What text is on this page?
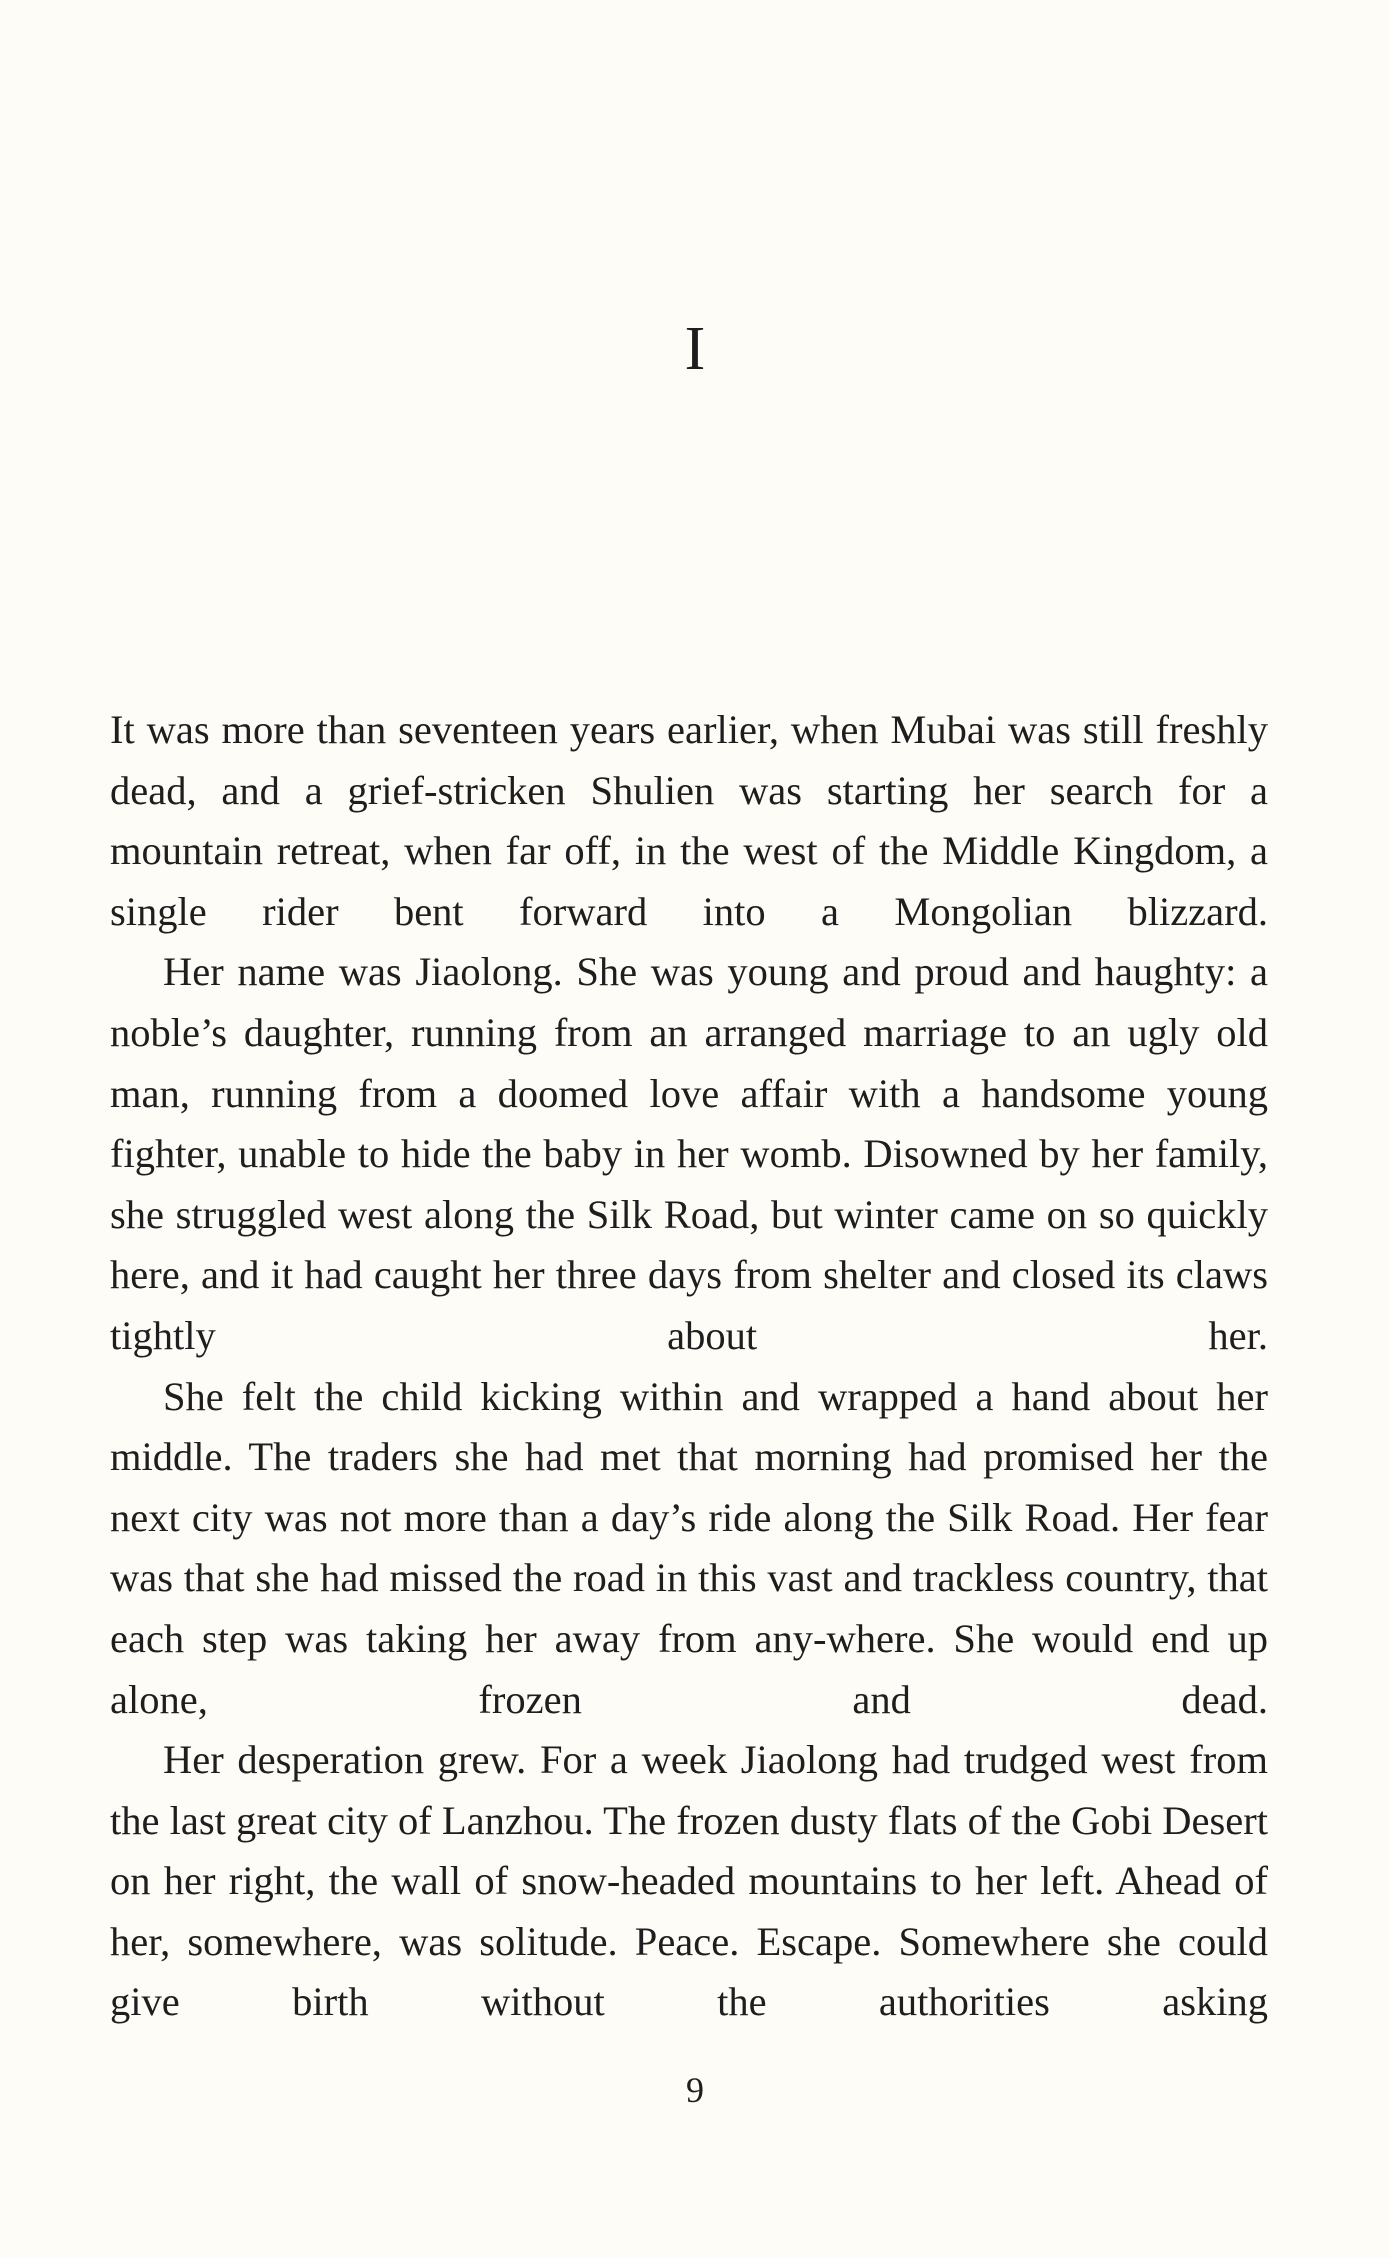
I

It was more than seventeen years earlier, when Mubai was still freshly dead, and a grief-stricken Shulien was starting her search for a mountain retreat, when far off, in the west of the Middle Kingdom, a single rider bent forward into a Mongolian blizzard.

Her name was Jiaolong. She was young and proud and haughty: a noble’s daughter, running from an arranged marriage to an ugly old man, running from a doomed love affair with a handsome young fighter, unable to hide the baby in her womb. Disowned by her family, she struggled west along the Silk Road, but winter came on so quickly here, and it had caught her three days from shelter and closed its claws tightly about her.

She felt the child kicking within and wrapped a hand about her middle. The traders she had met that morning had promised her the next city was not more than a day’s ride along the Silk Road. Her fear was that she had missed the road in this vast and trackless country, that each step was taking her away from any-where. She would end up alone, frozen and dead.

Her desperation grew. For a week Jiaolong had trudged west from the last great city of Lanzhou. The frozen dusty flats of the Gobi Desert on her right, the wall of snow-headed mountains to her left. Ahead of her, somewhere, was solitude. Peace. Escape. Somewhere she could give birth without the authorities asking

9
